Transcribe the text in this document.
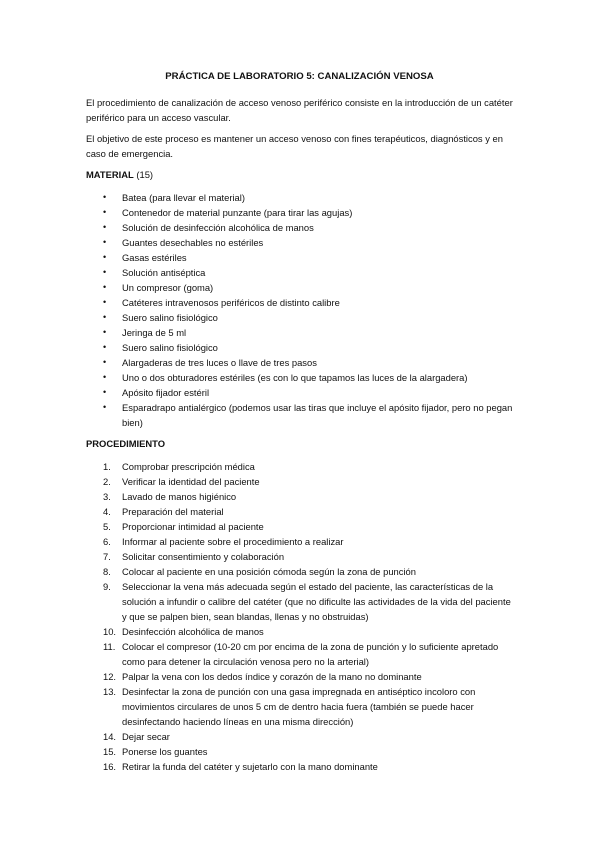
PRÁCTICA DE LABORATORIO 5: CANALIZACIÓN VENOSA

El procedimiento de canalización de acceso venoso periférico consiste en la introducción de un catéter periférico para un acceso vascular.

El objetivo de este proceso es mantener un acceso venoso con fines terapéuticos, diagnósticos y en caso de emergencia.

MATERIAL (15)

• Batea (para llevar el material)
• Contenedor de material punzante (para tirar las agujas)
• Solución de desinfección alcohólica de manos
• Guantes desechables no estériles
• Gasas estériles
• Solución antiséptica
• Un compresor (goma)
• Catéteres intravenosos periféricos de distinto calibre
• Suero salino fisiológico
• Jeringa de 5 ml
• Suero salino fisiológico
• Alargaderas de tres luces o llave de tres pasos
• Uno o dos obturadores estériles (es con lo que tapamos las luces de la alargadera)
• Apósito fijador estéril
• Esparadrapo antialérgico (podemos usar las tiras que incluye el apósito fijador, pero no pegan bien)

PROCEDIMIENTO

1. Comprobar prescripción médica
2. Verificar la identidad del paciente
3. Lavado de manos higiénico
4. Preparación del material
5. Proporcionar intimidad al paciente
6. Informar al paciente sobre el procedimiento a realizar
7. Solicitar consentimiento y colaboración
8. Colocar al paciente en una posición cómoda según la zona de punción
9. Seleccionar la vena más adecuada según el estado del paciente, las características de la solución a infundir o calibre del catéter (que no dificulte las actividades de la vida del paciente y que se palpen bien, sean blandas, llenas y no obstruidas)
10. Desinfección alcohólica de manos
11. Colocar el compresor (10-20 cm por encima de la zona de punción y lo suficiente apretado como para detener la circulación venosa pero no la arterial)
12. Palpar la vena con los dedos índice y corazón de la mano no dominante
13. Desinfectar la zona de punción con una gasa impregnada en antiséptico incoloro con movimientos circulares de unos 5 cm de dentro hacia fuera (también se puede hacer desinfectando haciendo líneas en una misma dirección)
14. Dejar secar
15. Ponerse los guantes
16. Retirar la funda del catéter y sujetarlo con la mano dominante
